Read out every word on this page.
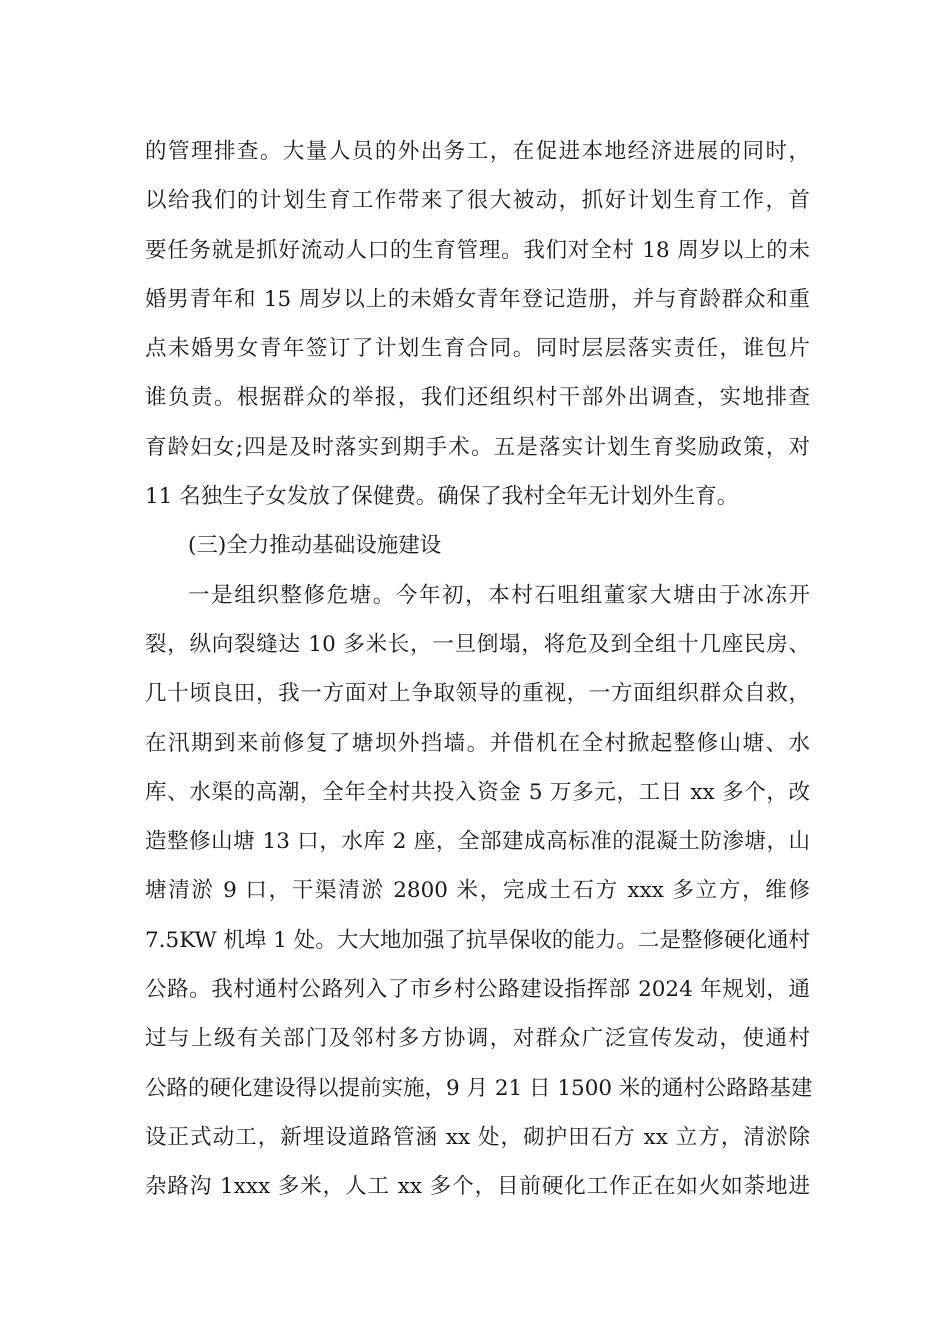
的管理排查。大量人员的外出务工，在促进本地经济进展的同时，
以给我们的计划生育工作带来了很大被动，抓好计划生育工作，首
要任务就是抓好流动人口的生育管理。我们对全村 18 周岁以上的未
婚男青年和 15 周岁以上的未婚女青年登记造册，并与育龄群众和重
点未婚男女青年签订了计划生育合同。同时层层落实责任，谁包片
谁负责。根据群众的举报，我们还组织村干部外出调查，实地排查
育龄妇女;四是及时落实到期手术。五是落实计划生育奖励政策，对
11 名独生子女发放了保健费。确保了我村全年无计划外生育。
(三)全力推动基础设施建设
一是组织整修危塘。今年初，本村石咀组董家大塘由于冰冻开
裂，纵向裂缝达 10 多米长，一旦倒塌，将危及到全组十几座民房、
几十顷良田，我一方面对上争取领导的重视，一方面组织群众自救，
在汛期到来前修复了塘坝外挡墙。并借机在全村掀起整修山塘、水
库、水渠的高潮，全年全村共投入资金 5 万多元，工日 xx 多个，改
造整修山塘 13 口，水库 2 座，全部建成高标准的混凝土防渗塘，山
塘清淤 9 口，干渠清淤 2800 米，完成土石方 xxx 多立方，维修
7.5KW 机埠 1 处。大大地加强了抗旱保收的能力。二是整修硬化通村
公路。我村通村公路列入了市乡村公路建设指挥部 2024 年规划，通
过与上级有关部门及邻村多方协调，对群众广泛宣传发动，使通村
公路的硬化建设得以提前实施，9 月 21 日 1500 米的通村公路路基建
设正式动工，新埋设道路管涵 xx 处，砌护田石方 xx 立方，清淤除
杂路沟 1xxx 多米，人工 xx 多个，目前硬化工作正在如火如荼地进
